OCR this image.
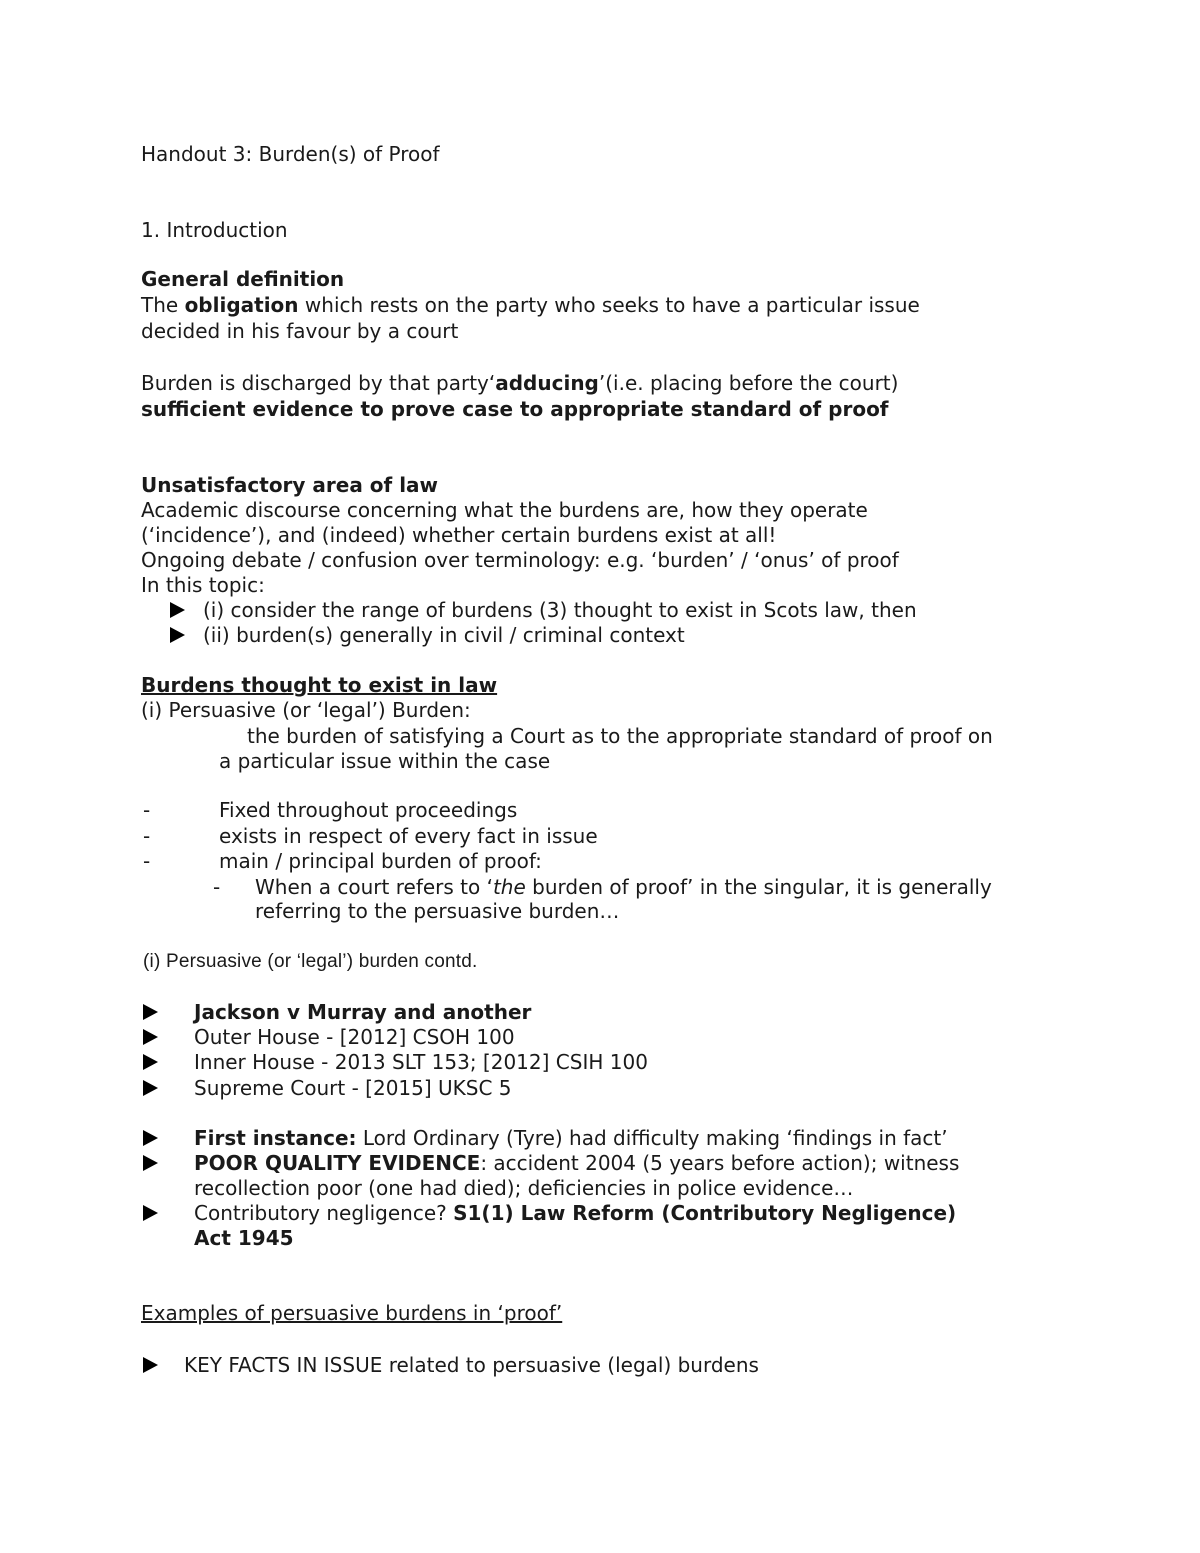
Handout 3: Burden(s) of Proof
1. Introduction
General definition
The obligation which rests on the party who seeks to have a particular issue
decided in his favour by a court
Burden is discharged by that party‘adducing’(i.e. placing before the court)
sufficient evidence to prove case to appropriate standard of proof
Unsatisfactory area of law
Academic discourse concerning what the burdens are, how they operate
(‘incidence’), and (indeed) whether certain burdens exist at all!
Ongoing debate / confusion over terminology: e.g. ‘burden’ / ‘onus’ of proof
In this topic:
(i) consider the range of burdens (3) thought to exist in Scots law, then
(ii) burden(s) generally in civil / criminal context
Burdens thought to exist in law
(i) Persuasive (or ‘legal’) Burden:
the burden of satisfying a Court as to the appropriate standard of proof on
a particular issue within the case
-	Fixed throughout proceedings
-	exists in respect of every fact in issue
-	main / principal burden of proof:
- When a court refers to ‘the burden of proof’ in the singular, it is generally
referring to the persuasive burden…
(i) Persuasive (or ‘legal’) burden contd.
Jackson v Murray and another
Outer House - [2012] CSOH 100
Inner House - 2013 SLT 153; [2012] CSIH 100
Supreme Court - [2015] UKSC 5
First instance: Lord Ordinary (Tyre) had difficulty making ‘findings in fact’
POOR QUALITY EVIDENCE: accident 2004 (5 years before action); witness
recollection poor (one had died); deficiencies in police evidence…
Contributory negligence? S1(1) Law Reform (Contributory Negligence)
Act 1945
Examples of persuasive burdens in ‘proof’
KEY FACTS IN ISSUE related to persuasive (legal) burdens
